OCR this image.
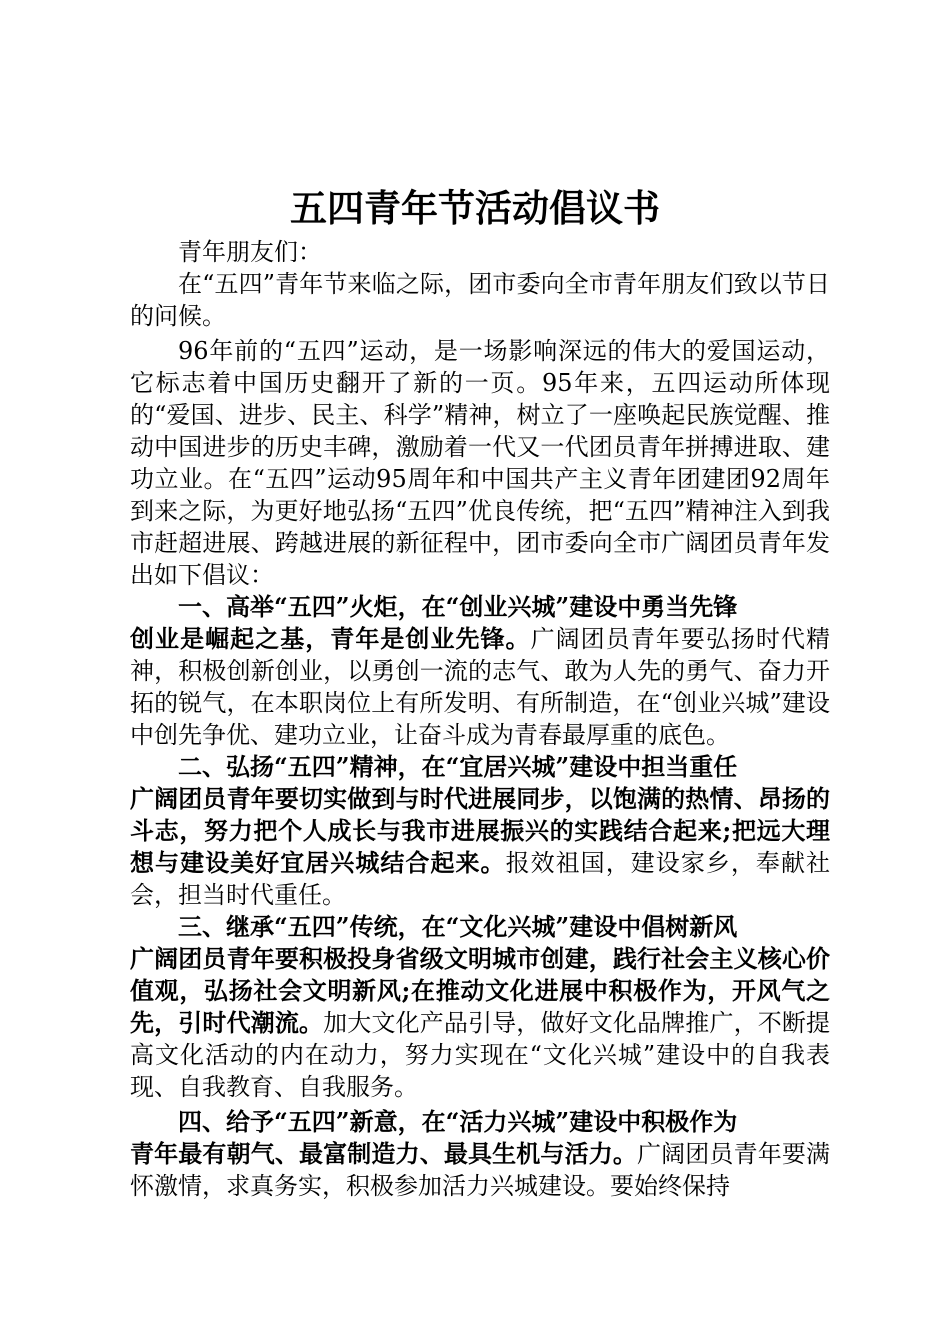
五四青年节活动倡议书

青年朋友们：

在“五四”青年节来临之际，团市委向全市青年朋友们致以节日的问候。

96年前的“五四”运动，是一场影响深远的伟大的爱国运动，它标志着中国历史翻开了新的一页。95年来，五四运动所体现的“爱国、进步、民主、科学”精神，树立了一座唤起民族觉醒、推动中国进步的历史丰碑，激励着一代又一代团员青年拼搏进取、建功立业。在“五四”运动95周年和中国共产主义青年团建团92周年到来之际，为更好地弘扬“五四”优良传统，把“五四”精神注入到我市赶超进展、跨越进展的新征程中，团市委向全市广阔团员青年发出如下倡议：

一、高举“五四”火炬，在“创业兴城”建设中勇当先锋

创业是崛起之基，青年是创业先锋。广阔团员青年要弘扬时代精神，积极创新创业，以勇创一流的志气、敢为人先的勇气、奋力开拓的锐气，在本职岗位上有所发明、有所制造，在“创业兴城”建设中创先争优、建功立业，让奋斗成为青春最厚重的底色。

二、弘扬“五四”精神，在“宜居兴城”建设中担当重任

广阔团员青年要切实做到与时代进展同步，以饱满的热情、昂扬的斗志，努力把个人成长与我市进展振兴的实践结合起来;把远大理想与建设美好宜居兴城结合起来。报效祖国，建设家乡，奉献社会，担当时代重任。

三、继承“五四”传统，在“文化兴城”建设中倡树新风

广阔团员青年要积极投身省级文明城市创建，践行社会主义核心价值观，弘扬社会文明新风;在推动文化进展中积极作为，开风气之先，引时代潮流。加大文化产品引导，做好文化品牌推广，不断提高文化活动的内在动力，努力实现在“文化兴城”建设中的自我表现、自我教育、自我服务。

四、给予“五四”新意，在“活力兴城”建设中积极作为

青年最有朝气、最富制造力、最具生机与活力。广阔团员青年要满怀激情，求真务实，积极参加活力兴城建设。要始终保持
